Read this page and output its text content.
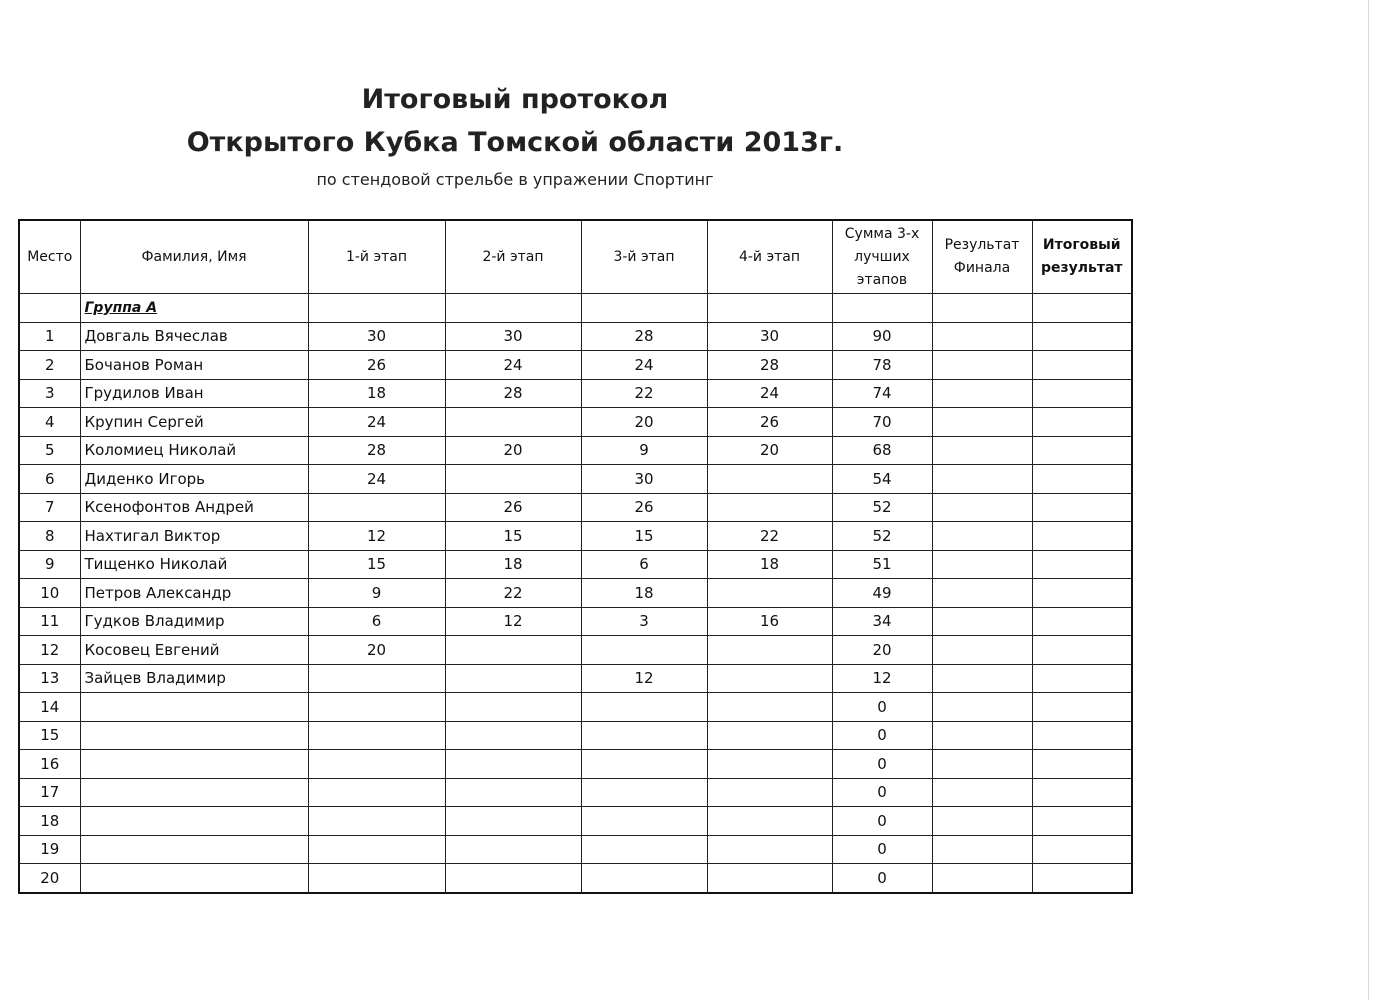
Итоговый протокол
Открытого Кубка Томской области 2013г.
по стендовой стрельбе в упражении Спортинг
Место	Фамилия, Имя	1-й этап	2-й этап	3-й этап	4-й этап	Сумма 3-х лучших этапов	Результат Финала	Итоговый результат
	Группа А							
1	Довгаль Вячеслав	30	30	28	30	90		
2	Бочанов Роман	26	24	24	28	78		
3	Грудилов Иван	18	28	22	24	74		
4	Крупин Сергей	24		20	26	70		
5	Коломиец Николай	28	20	9	20	68		
6	Диденко Игорь	24		30		54		
7	Ксенофонтов Андрей		26	26		52		
8	Нахтигал Виктор	12	15	15	22	52		
9	Тищенко Николай	15	18	6	18	51		
10	Петров Александр	9	22	18		49		
11	Гудков Владимир	6	12	3	16	34		
12	Косовец Евгений	20				20		
13	Зайцев Владимир			12		12		
14						0		
15						0		
16						0		
17						0		
18						0		
19						0		
20						0		
